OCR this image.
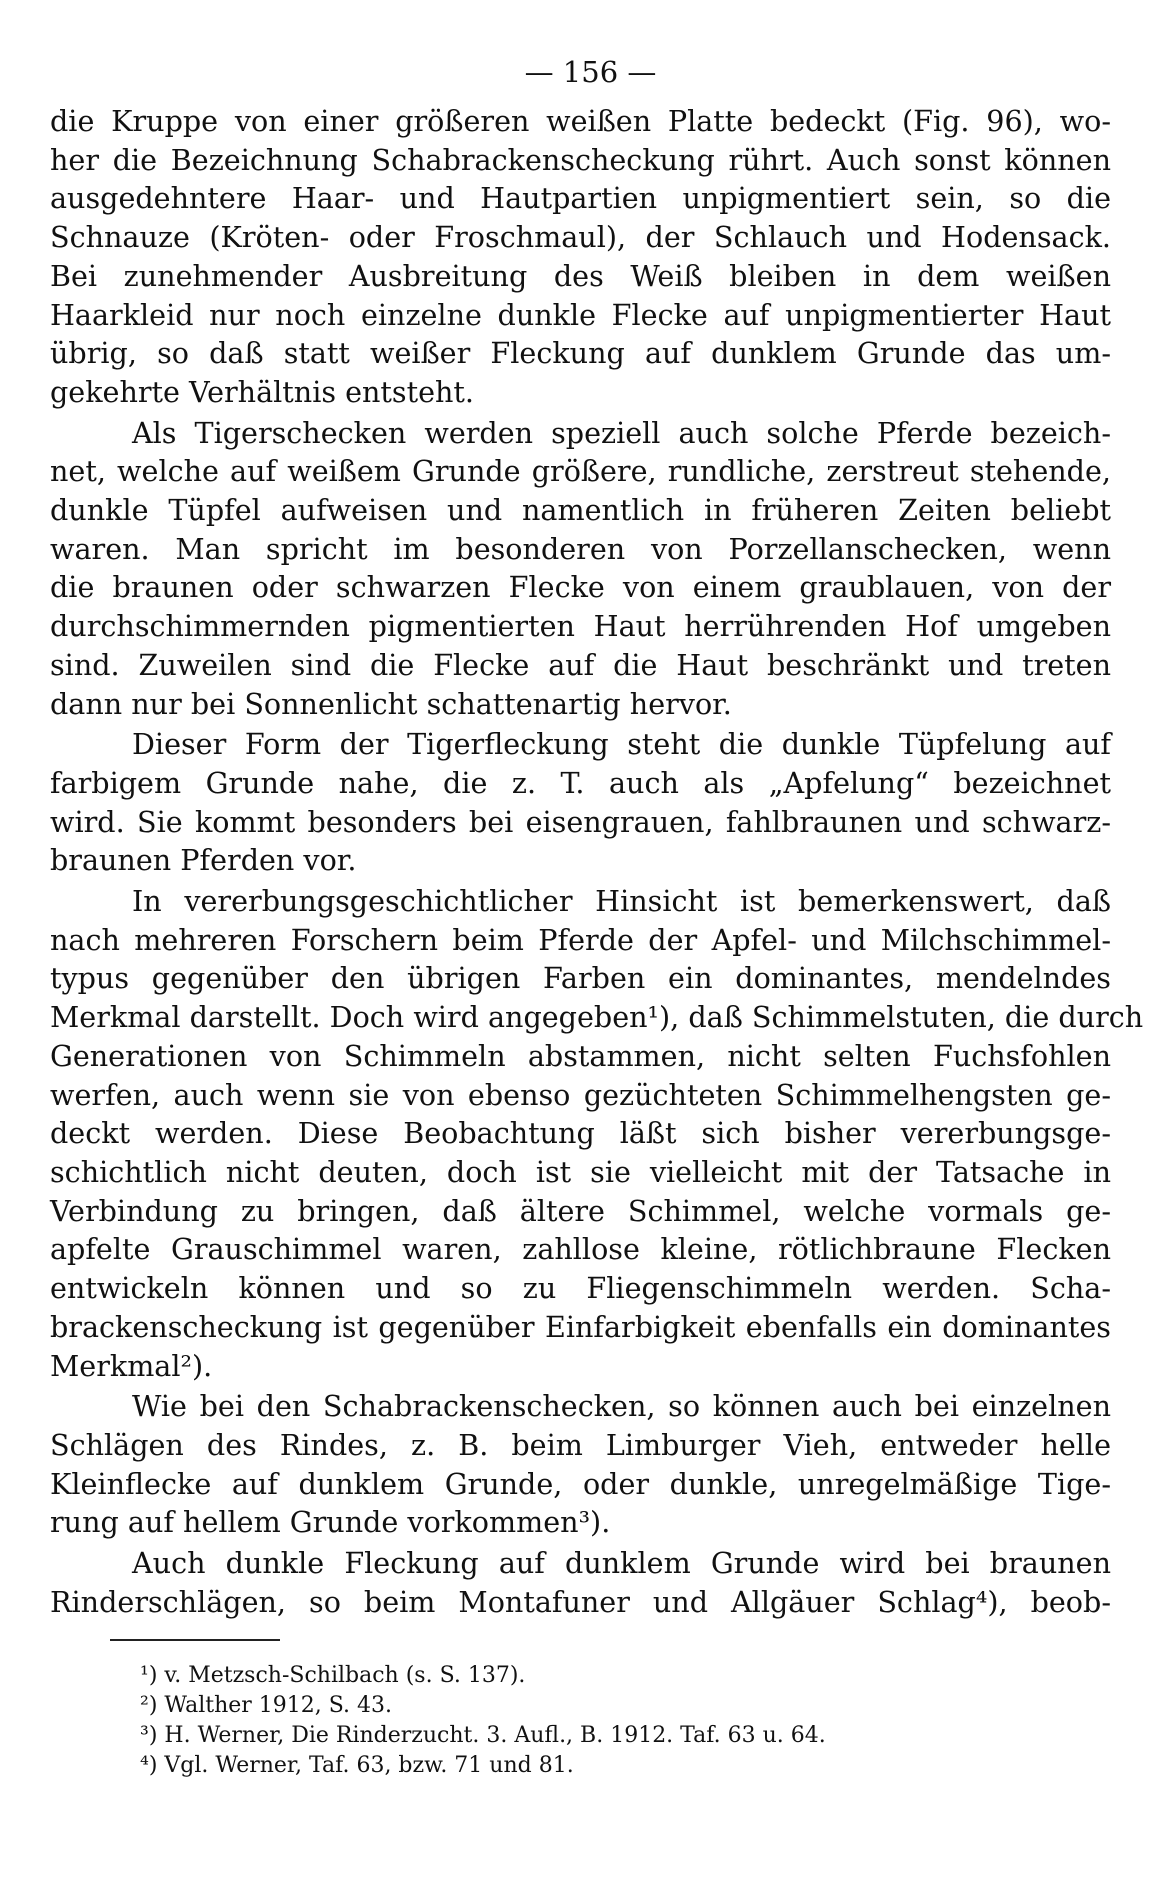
— 156 —

die Kruppe von einer größeren weißen Platte bedeckt (Fig. 96), wo-
her die Bezeichnung Schabrackenscheckung rührt. Auch sonst können
ausgedehntere Haar- und Hautpartien unpigmentiert sein, so die
Schnauze (Kröten- oder Froschmaul), der Schlauch und Hodensack.
Bei zunehmender Ausbreitung des Weiß bleiben in dem weißen
Haarkleid nur noch einzelne dunkle Flecke auf unpigmentierter Haut
übrig, so daß statt weißer Fleckung auf dunklem Grunde das um-
gekehrte Verhältnis entsteht.

Als Tigerschecken werden speziell auch solche Pferde bezeich-
net, welche auf weißem Grunde größere, rundliche, zerstreut stehende,
dunkle Tüpfel aufweisen und namentlich in früheren Zeiten beliebt
waren. Man spricht im besonderen von Porzellanschecken, wenn
die braunen oder schwarzen Flecke von einem graublauen, von der
durchschimmernden pigmentierten Haut herrührenden Hof umgeben
sind. Zuweilen sind die Flecke auf die Haut beschränkt und treten
dann nur bei Sonnenlicht schattenartig hervor.

Dieser Form der Tigerfleckung steht die dunkle Tüpfelung auf
farbigem Grunde nahe, die z. T. auch als „Apfelung“ bezeichnet
wird. Sie kommt besonders bei eisengrauen, fahlbraunen und schwarz-
braunen Pferden vor.

In vererbungsgeschichtlicher Hinsicht ist bemerkenswert, daß
nach mehreren Forschern beim Pferde der Apfel- und Milchschimmel-
typus gegenüber den übrigen Farben ein dominantes, mendelndes
Merkmal darstellt. Doch wird angegeben¹), daß Schimmelstuten, die durch
Generationen von Schimmeln abstammen, nicht selten Fuchsfohlen
werfen, auch wenn sie von ebenso gezüchteten Schimmelhengsten ge-
deckt werden. Diese Beobachtung läßt sich bisher vererbungsge-
schichtlich nicht deuten, doch ist sie vielleicht mit der Tatsache in
Verbindung zu bringen, daß ältere Schimmel, welche vormals ge-
apfelte Grauschimmel waren, zahllose kleine, rötlichbraune Flecken
entwickeln können und so zu Fliegenschimmeln werden. Scha-
brackenscheckung ist gegenüber Einfarbigkeit ebenfalls ein dominantes
Merkmal²).

Wie bei den Schabrackenschecken, so können auch bei einzelnen
Schlägen des Rindes, z. B. beim Limburger Vieh, entweder helle
Kleinflecke auf dunklem Grunde, oder dunkle, unregelmäßige Tige-
rung auf hellem Grunde vorkommen³).

Auch dunkle Fleckung auf dunklem Grunde wird bei braunen
Rinderschlägen, so beim Montafuner und Allgäuer Schlag⁴), beob-

¹) v. Metzsch-Schilbach (s. S. 137).
²) Walther 1912, S. 43.
³) H. Werner, Die Rinderzucht. 3. Aufl., B. 1912. Taf. 63 u. 64.
⁴) Vgl. Werner, Taf. 63, bzw. 71 und 81.
